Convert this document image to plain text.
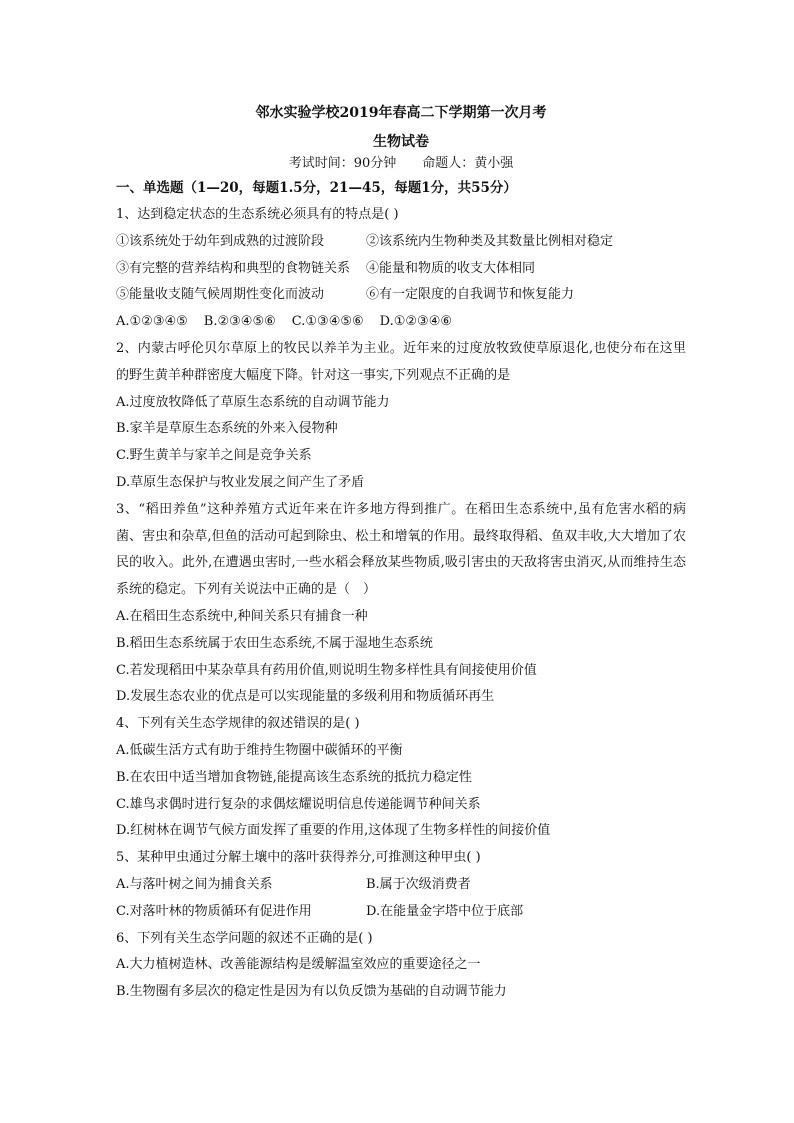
邻水实验学校2019年春高二下学期第一次月考
生物试卷
考试时间：90分钟 命题人：黄小强
一、单选题（1—20，每题1.5分，21—45，每题1分，共55分）
1、达到稳定状态的生态系统必须具有的特点是( )
①该系统处于幼年到成熟的过渡阶段	②该系统内生物种类及其数量比例相对稳定
③有完整的营养结构和典型的食物链关系	④能量和物质的收支大体相同
⑤能量收支随气候周期性变化而波动	⑥有一定限度的自我调节和恢复能力
A.①②③④⑤ B.②③④⑤⑥ C.①③④⑤⑥ D.①②③④⑥
2、内蒙古呼伦贝尔草原上的牧民以养羊为主业。近年来的过度放牧致使草原退化,也使分布在这里的野生黄羊种群密度大幅度下降。针对这一事实,下列观点不正确的是
A.过度放牧降低了草原生态系统的自动调节能力
B.家羊是草原生态系统的外来入侵物种
C.野生黄羊与家羊之间是竞争关系
D.草原生态保护与牧业发展之间产生了矛盾
3、“稻田养鱼”这种养殖方式近年来在许多地方得到推广。在稻田生态系统中,虽有危害水稻的病菌、害虫和杂草,但鱼的活动可起到除虫、松土和增氧的作用。最终取得稻、鱼双丰收,大大增加了农民的收入。此外,在遭遇虫害时,一些水稻会释放某些物质,吸引害虫的天敌将害虫消灭,从而维持生态系统的稳定。下列有关说法中正确的是（　）
A.在稻田生态系统中,种间关系只有捕食一种
B.稻田生态系统属于农田生态系统,不属于湿地生态系统
C.若发现稻田中某杂草具有药用价值,则说明生物多样性具有间接使用价值
D.发展生态农业的优点是可以实现能量的多级利用和物质循环再生
4、下列有关生态学规律的叙述错误的是( )
A.低碳生活方式有助于维持生物圈中碳循环的平衡
B.在农田中适当增加食物链,能提高该生态系统的抵抗力稳定性
C.雄鸟求偶时进行复杂的求偶炫耀说明信息传递能调节种间关系
D.红树林在调节气候方面发挥了重要的作用,这体现了生物多样性的间接价值
5、某种甲虫通过分解土壤中的落叶获得养分,可推测这种甲虫( )
A.与落叶树之间为捕食关系	B.属于次级消费者
C.对落叶林的物质循环有促进作用	D.在能量金字塔中位于底部
6、下列有关生态学问题的叙述不正确的是( )
A.大力植树造林、改善能源结构是缓解温室效应的重要途径之一
B.生物圈有多层次的稳定性是因为有以负反馈为基础的自动调节能力
